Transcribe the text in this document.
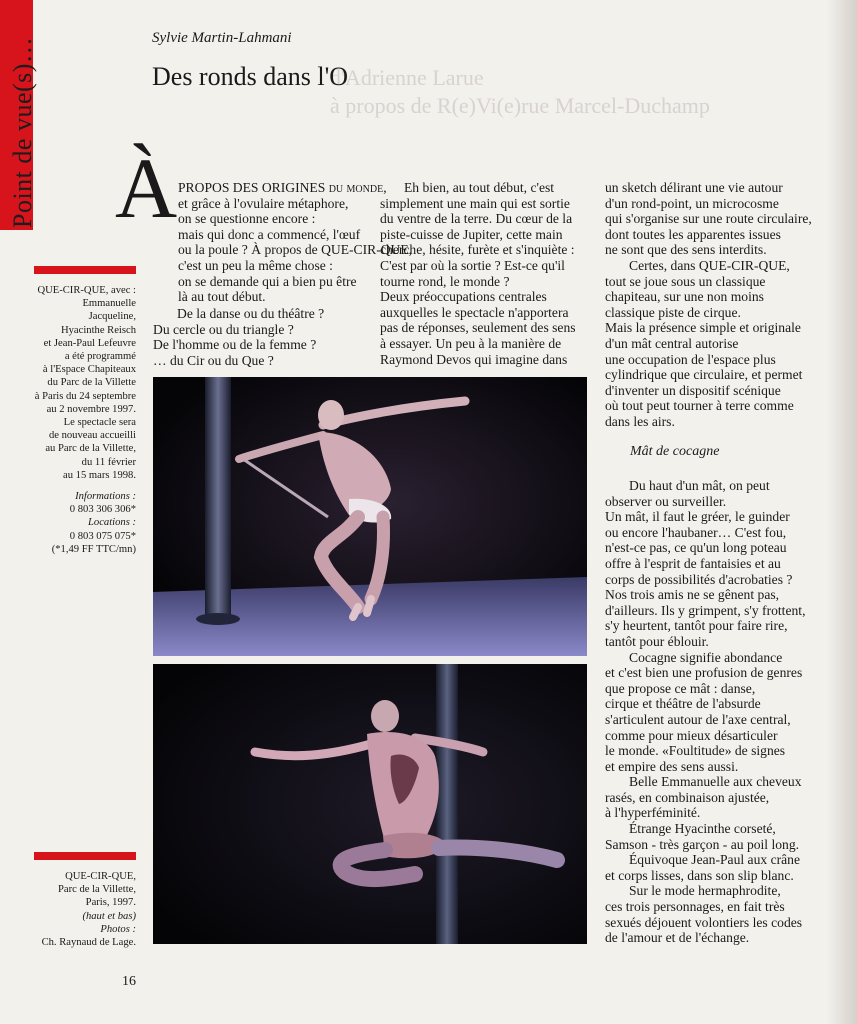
Point de vue(s)…	Sylvie Martin-Lahmani
d'Adrienne Larue
à propos de R(e)Vi(e)rue Marcel-Duchamp
Des ronds dans l'O
À PROPOS DES ORIGINES du monde,

et grâce à l'ovulaire métaphore,

on se questionne encore :

mais qui donc a commencé, l'œuf

ou la poule ? À propos de QUE-CIR-QUE,

c'est un peu la même chose :

on se demande qui a bien pu être

là au tout début.

De la danse ou du théâtre ?

Du cercle ou du triangle ?

De l'homme ou de la femme ?

… du Cir ou du Que ?

Eh bien, au tout début, c'est

simplement une main qui est sortie

du ventre de la terre. Du cœur de la

piste-cuisse de Jupiter, cette main

cherche, hésite, furète et s'inquiète :

C'est par où la sortie ? Est-ce qu'il

tourne rond, le monde ?

Deux préoccupations centrales

auxquelles le spectacle n'apportera

pas de réponses, seulement des sens

à essayer. Un peu à la manière de

Raymond Devos qui imagine dans

un sketch délirant une vie autour

d'un rond-point, un microcosme

qui s'organise sur une route circulaire,

dont toutes les apparentes issues

ne sont que des sens interdits.

Certes, dans QUE-CIR-QUE,

tout se joue sous un classique

chapiteau, sur une non moins

classique piste de cirque.

Mais la présence simple et originale

d'un mât central autorise

une occupation de l'espace plus

cylindrique que circulaire, et permet

d'inventer un dispositif scénique

où tout peut tourner à terre comme

dans les airs.

Mât de cocagne

Du haut d'un mât, on peut

observer ou surveiller.

Un mât, il faut le gréer, le guinder

ou encore l'haubaner… C'est fou,

n'est-ce pas, ce qu'un long poteau

offre à l'esprit de fantaisies et au

corps de possibilités d'acrobaties ?

Nos trois amis ne se gênent pas,

d'ailleurs. Ils y grimpent, s'y frottent,

s'y heurtent, tantôt pour faire rire,

tantôt pour éblouir.

Cocagne signifie abondance

et c'est bien une profusion de genres

que propose ce mât : danse,

cirque et théâtre de l'absurde

s'articulent autour de l'axe central,

comme pour mieux désarticuler

le monde. «Foultitude» de signes

et empire des sens aussi.

Belle Emmanuelle aux cheveux

rasés, en combinaison ajustée,

à l'hyperféminité.

Étrange Hyacinthe corseté,

Samson - très garçon - au poil long.

Équivoque Jean-Paul aux crâne

et corps lisses, dans son slip blanc.

Sur le mode hermaphrodite,

ces trois personnages, en fait très

sexués déjouent volontiers les codes

de l'amour et de l'échange.

QUE-CIR-QUE, avec :
Emmanuelle Jacqueline,
Hyacinthe Reisch
et Jean-Paul Lefeuvre
a été programmé
à l'Espace Chapiteaux
du Parc de la Villette
à Paris du 24 septembre
au 2 novembre 1997.
Le spectacle sera
de nouveau accueilli
au Parc de la Villette,
du 11 février
au 15 mars 1998.
Informations :
0 803 306 306*
Locations :
0 803 075 075*
(*1,49 FF TTC/mn)
QUE-CIR-QUE,
Parc de la Villette,
Paris, 1997.
(haut et bas)
Photos :
Ch. Raynaud de Lage.
16
